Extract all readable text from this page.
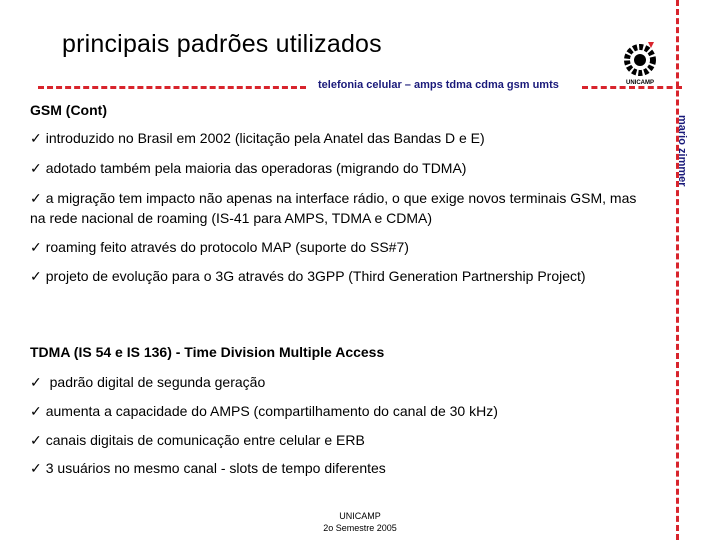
principais padrões utilizados
telefonia celular – amps tdma cdma gsm umts
mario zimmer
UNICAMP
GSM (Cont)
✓ introduzido no Brasil em 2002 (licitação pela Anatel das Bandas D e E)
✓ adotado também pela maioria das operadoras (migrando do TDMA)
✓ a migração tem impacto não apenas na interface rádio, o que exige novos terminais GSM, mas na rede nacional de roaming (IS-41 para AMPS, TDMA e CDMA)
✓ roaming feito através do protocolo MAP (suporte do SS#7)
✓ projeto de evolução para o 3G através do 3GPP (Third Generation Partnership Project)
TDMA (IS 54 e IS 136) - Time Division Multiple Access
✓ padrão digital de segunda geração
✓ aumenta a capacidade do AMPS (compartilhamento do canal de 30 kHz)
✓ canais digitais de comunicação entre celular e ERB
✓ 3 usuários no mesmo canal - slots de tempo diferentes
UNICAMP
2o Semestre 2005
